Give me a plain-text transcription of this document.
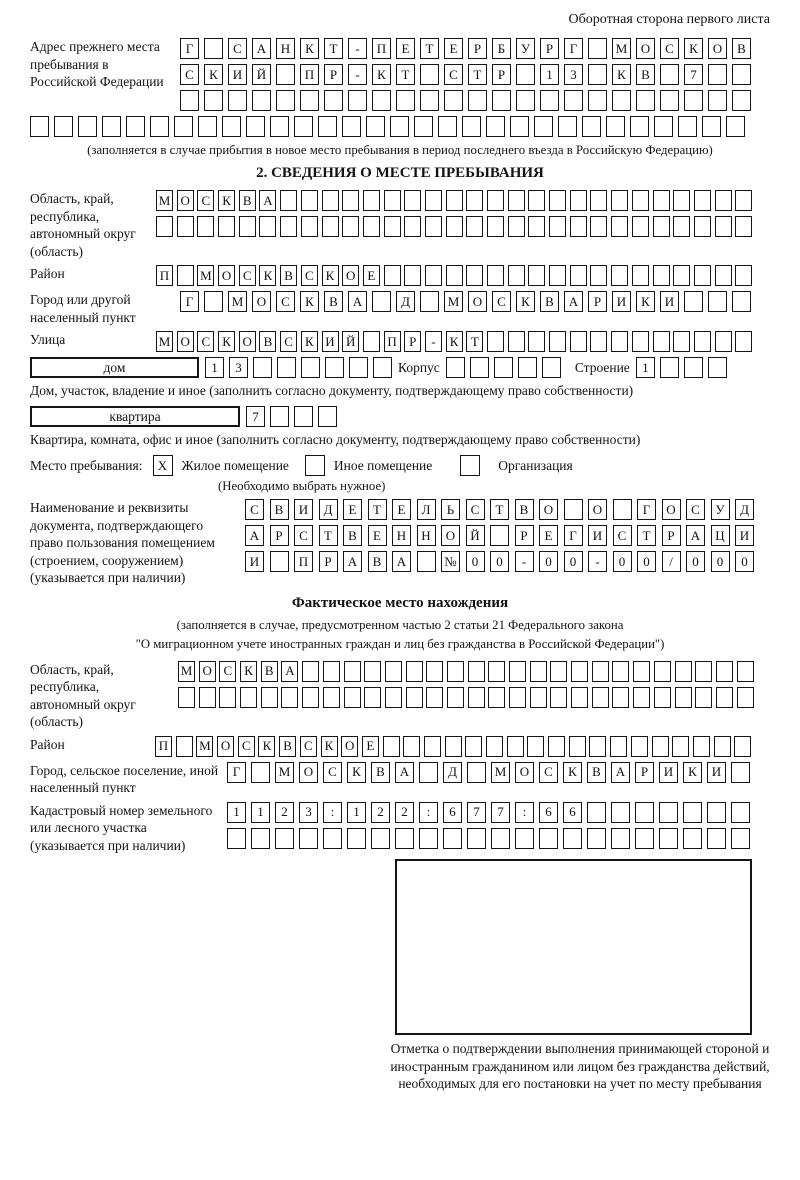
Оборотная сторона первого листа
Адрес прежнего места пребывания в Российской Федерации
Г	С	А	Н	К	Т	-	П	Е	Т	Е	Р	Б	У	Р	Г	М	О	С	К	О	В
С	К	И	Й	П	Р	-	К	Т	С	Т	Р	1	3	К	В	7
(заполняется в случае прибытия в новое место пребывания в период последнего въезда в Российскую Федерацию)
2. СВЕДЕНИЯ О МЕСТЕ ПРЕБЫВАНИЯ
Область, край, республика, автономный округ (область)
М О С К В А
Район	П М О С К В С К О Е
Город или другой населенный пункт
Г	М	О	С	К	В	А	Д	М	О	С	К	В	А	Р	И	К	И
Улица	М О С К О В С К И Й П Р	-	К Т
дом	1	3	Корпус	Строение 1
Дом, участок, владение и иное (заполнить согласно документу, подтверждающему право собственности)
квартира	7
Квартира, комната, офис и иное (заполнить согласно документу, подтверждающему право собственности)
Место пребывания:	X	Жилое помещение	Иное помещение	Организация
(Необходимо выбрать нужное)
Наименование и реквизиты документа, подтверждающего право пользования помещением (строением, сооружением) (указывается при наличии)
С	В	И	Д	Е	Т	Е	Л	Ь	С	Т	В	О	О	Г	О	С	У	Д
А	Р	С	Т	В	Е	Н	Н	О	Й	Р	Е	Г	И	С	Т	Р	А	Ц	И
И	П	Р	А	В	А	№	0	0	-	0	0	-	0	0	/	0	0	0
Фактическое место нахождения
(заполняется в случае, предусмотренном частью 2 статьи 21 Федерального закона
"О миграционном учете иностранных граждан и лиц без гражданства в Российской Федерации")
Область, край, республика, автономный округ (область)
М О С К В А
Район	П М О С К В С К О Е
Город, сельское поселение, иной населенный пункт
Г	М	О	С	К	В	А	Д	М	О	С	К	В	А	Р	И	К	И
Кадастровый номер земельного или лесного участка (указывается при наличии)
1	1	2	3	:	1	2	2	:	6	7	7	:	6	6
Отметка о подтверждении выполнения принимающей стороной и иностранным гражданином или лицом без гражданства действий, необходимых для его постановки на учет по месту пребывания
